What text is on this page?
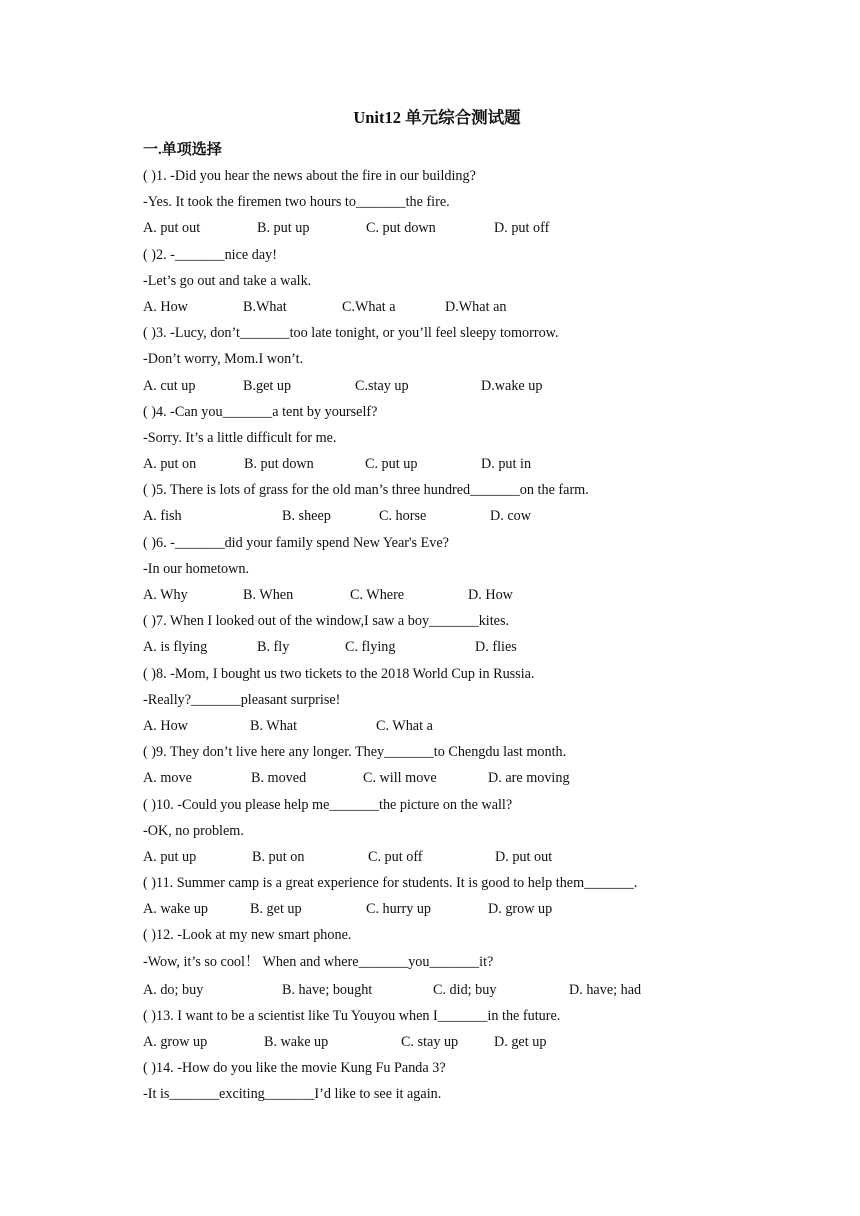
Unit12 单元综合测试题
一.单项选择
( )1. -Did you hear the news about the fire in our building?
-Yes. It took the firemen two hours to_______the fire.
A. put out	B. put up	C. put down	D. put off
( )2. -_______nice day!
-Let’s go out and take a walk.
A. How	B.What	C.What a	D.What an
( )3. -Lucy, don’t_______too late tonight, or you’ll feel sleepy tomorrow.
-Don’t worry, Mom.I won’t.
A. cut up	B.get up	C.stay up	D.wake up
( )4. -Can you_______a tent by yourself?
-Sorry. It’s a little difficult for me.
A. put on	B. put down	C. put up	D. put in
( )5. There is lots of grass for the old man’s three hundred_______on the farm.
A. fish	B. sheep	C. horse	D. cow
( )6. -_______did your family spend New Year's Eve?
-In our hometown.
A. Why	B. When	C. Where	D. How
( )7. When I looked out of the window,I saw a boy_______kites.
A. is flying	B. fly	C. flying	D. flies
( )8. -Mom, I bought us two tickets to the 2018 World Cup in Russia.
-Really?_______pleasant surprise!
A. How	B. What	C. What a
( )9. They don’t live here any longer. They_______to Chengdu last month.
A. move	B. moved	C. will move	D. are moving
( )10. -Could you please help me_______the picture on the wall?
-OK, no problem.
A. put up	B. put on	C. put off	D. put out
( )11. Summer camp is a great experience for students. It is good to help them_______.
A. wake up	B. get up	C. hurry up	D. grow up
( )12. -Look at my new smart phone.
-Wow, it’s so cool！ When and where_______you_______it?
A. do; buy	B. have; bought	C. did; buy	D. have; had
( )13. I want to be a scientist like Tu Youyou when I_______in the future.
A. grow up	B. wake up	C. stay up	D. get up
( )14. -How do you like the movie Kung Fu Panda 3?
-It is_______exciting_______I’d like to see it again.
